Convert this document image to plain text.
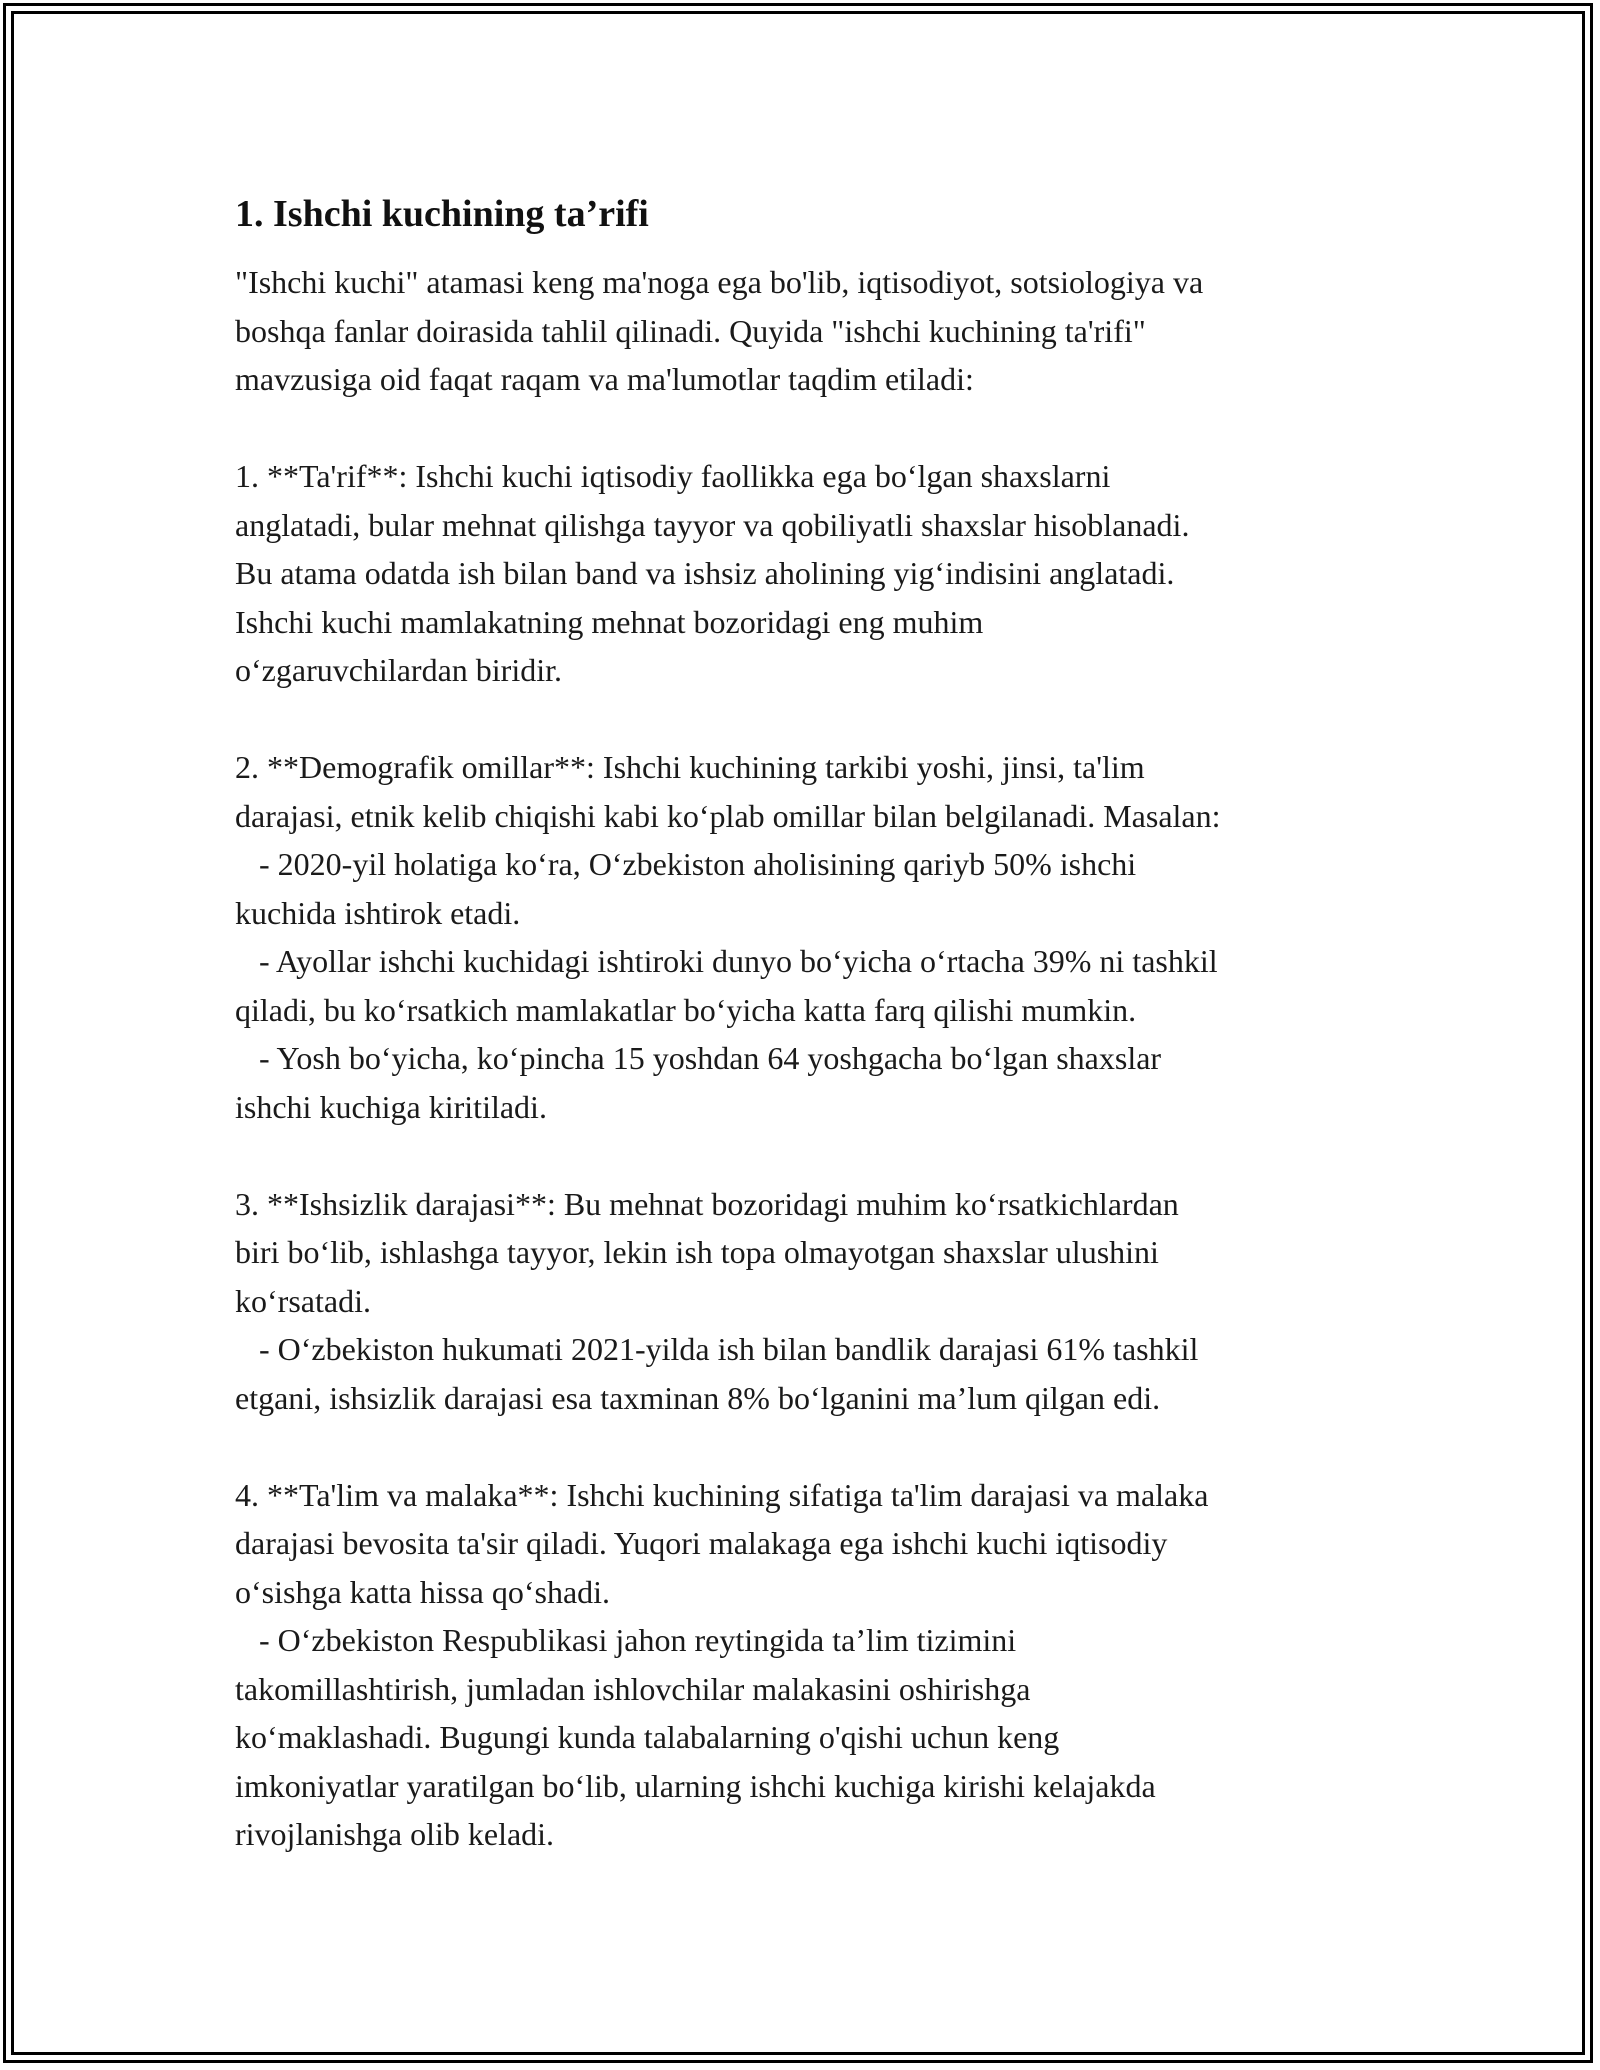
1. Ishchi kuchining ta’rifi

"Ishchi kuchi" atamasi keng ma'noga ega bo'lib, iqtisodiyot, sotsiologiya va
boshqa fanlar doirasida tahlil qilinadi. Quyida "ishchi kuchining ta'rifi"
mavzusiga oid faqat raqam va ma'lumotlar taqdim etiladi:

1. **Ta'rif**: Ishchi kuchi iqtisodiy faollikka ega bo‘lgan shaxslarni
anglatadi, bular mehnat qilishga tayyor va qobiliyatli shaxslar hisoblanadi.
Bu atama odatda ish bilan band va ishsiz aholining yig‘indisini anglatadi.
Ishchi kuchi mamlakatning mehnat bozoridagi eng muhim
o‘zgaruvchilardan biridir.

2. **Demografik omillar**: Ishchi kuchining tarkibi yoshi, jinsi, ta'lim
darajasi, etnik kelib chiqishi kabi ko‘plab omillar bilan belgilanadi. Masalan:
- 2020-yil holatiga ko‘ra, O‘zbekiston aholisining qariyb 50% ishchi
kuchida ishtirok etadi.
- Ayollar ishchi kuchidagi ishtiroki dunyo bo‘yicha o‘rtacha 39% ni tashkil
qiladi, bu ko‘rsatkich mamlakatlar bo‘yicha katta farq qilishi mumkin.
- Yosh bo‘yicha, ko‘pincha 15 yoshdan 64 yoshgacha bo‘lgan shaxslar
ishchi kuchiga kiritiladi.

3. **Ishsizlik darajasi**: Bu mehnat bozoridagi muhim ko‘rsatkichlardan
biri bo‘lib, ishlashga tayyor, lekin ish topa olmayotgan shaxslar ulushini
ko‘rsatadi.
- O‘zbekiston hukumati 2021-yilda ish bilan bandlik darajasi 61% tashkil
etgani, ishsizlik darajasi esa taxminan 8% bo‘lganini ma’lum qilgan edi.

4. **Ta'lim va malaka**: Ishchi kuchining sifatiga ta'lim darajasi va malaka
darajasi bevosita ta'sir qiladi. Yuqori malakaga ega ishchi kuchi iqtisodiy
o‘sishga katta hissa qo‘shadi.
- O‘zbekiston Respublikasi jahon reytingida ta’lim tizimini
takomillashtirish, jumladan ishlovchilar malakasini oshirishga
ko‘maklashadi. Bugungi kunda talabalarning o'qishi uchun keng
imkoniyatlar yaratilgan bo‘lib, ularning ishchi kuchiga kirishi kelajakda
rivojlanishga olib keladi.
